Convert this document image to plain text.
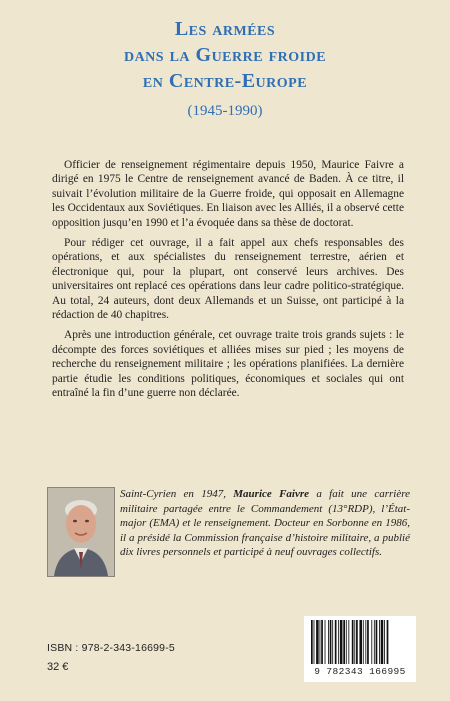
Les armées
dans la Guerre froide
en Centre-Europe
(1945-1990)

Officier de renseignement régimentaire depuis 1950, Maurice Faivre a dirigé en 1975 le Centre de renseignement avancé de Baden. À ce titre, il suivait l’évolution militaire de la Guerre froide, qui opposait en Allemagne les Occidentaux aux Soviétiques. En liaison avec les Alliés, il a observé cette opposition jusqu’en 1990 et l’a évoquée dans sa thèse de doctorat.

Pour rédiger cet ouvrage, il a fait appel aux chefs responsables des opérations, et aux spécialistes du renseignement terrestre, aérien et électronique qui, pour la plupart, ont conservé leurs archives. Des universitaires ont replacé ces opérations dans leur cadre politico-stratégique. Au total, 24 auteurs, dont deux Allemands et un Suisse, ont participé à la rédaction de 40 chapitres.

Après une introduction générale, cet ouvrage traite trois grands sujets : le décompte des forces soviétiques et alliées mises sur pied ; les moyens de recherche du renseignement militaire ; les opérations planifiées. La dernière partie étudie les conditions politiques, économiques et sociales qui ont entraîné la fin d’une guerre non déclarée.

Saint-Cyrien en 1947, Maurice Faivre a fait une carrière militaire partagée entre le Commandement (13°RDP), l’État-major (EMA) et le renseignement. Docteur en Sorbonne en 1986, il a présidé la Commission française d’histoire militaire, a publié dix livres personnels et participé à neuf ouvrages collectifs.
ISBN : 978-2-343-16699-5
32 €	9 782343 166995
